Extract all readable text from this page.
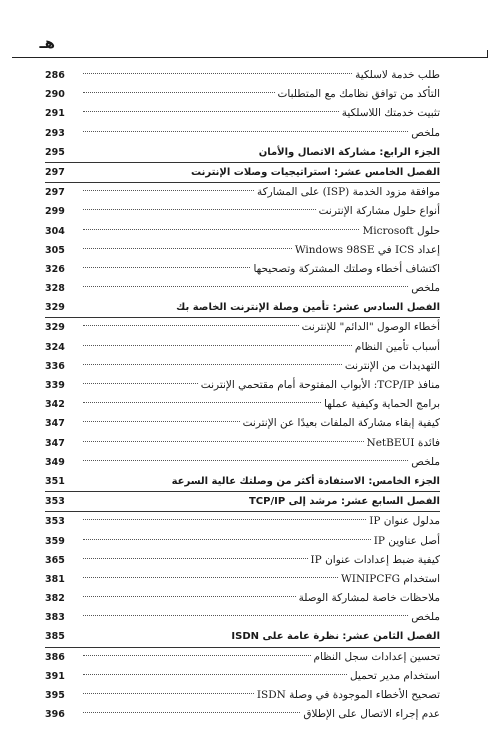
هـ
طلب خدمة لاسلكية
286
التأكد من توافق نظامك مع المتطلبات
290
تثبيت خدمتك اللاسلكية
291
ملخص
293
الجزء الرابع: مشاركة الاتصال والأمان
295
الفصل الخامس عشر: استراتيجيات وصلات الإنترنت
297
موافقة مزود الخدمة (ISP) على المشاركة
297
أنواع حلول مشاركة الإنترنت
299
حلول Microsoft
304
إعداد ICS في Windows 98SE
305
اكتشاف أخطاء وصلتك المشتركة وتصحيحها
326
ملخص
328
الفصل السادس عشر: تأمين وصلة الإنترنت الخاصة بك
329
أخطاء الوصول "الدائم" للإنترنت
329
أسباب تأمين النظام
324
التهديدات من الإنترنت
336
منافذ TCP/IP: الأبواب المفتوحة أمام مقتحمي الإنترنت
339
برامج الحماية وكيفية عملها
342
كيفية إبقاء مشاركة الملفات بعيدًا عن الإنترنت
347
فائدة NetBEUI
347
ملخص
349
الجزء الخامس: الاستفادة أكثر من وصلتك عالية السرعة
351
الفصل السابع عشر: مرشد إلى TCP/IP
353
مدلول عنوان IP
353
أصل عناوين IP
359
كيفية ضبط إعدادات عنوان IP
365
استخدام WINIPCFG
381
ملاحظات خاصة لمشاركة الوصلة
382
ملخص
383
الفصل الثامن عشر: نظرة عامة على ISDN
385
تحسين إعدادات سجل النظام
386
استخدام مدير تحميل
391
تصحيح الأخطاء الموجودة في وصلة ISDN
395
عدم إجراء الاتصال على الإطلاق
396
